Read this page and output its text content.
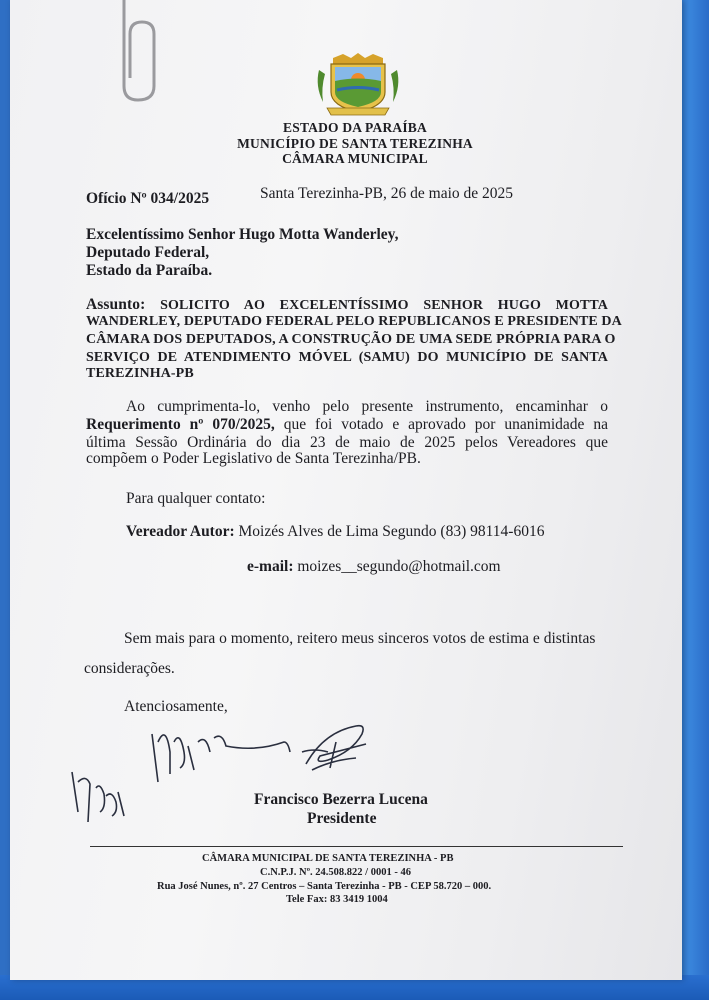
ESTADO DA PARAÍBA
MUNICÍPIO DE SANTA TEREZINHA
CÂMARA MUNICIPAL
Ofício Nº 034/2025	Santa Terezinha-PB, 26 de maio de 2025
Excelentíssimo Senhor Hugo Motta Wanderley,
Deputado Federal,
Estado da Paraíba.
Assunto: SOLICITO AO EXCELENTÍSSIMO SENHOR HUGO MOTTA
WANDERLEY, DEPUTADO FEDERAL PELO REPUBLICANOS E PRESIDENTE DA
CÂMARA DOS DEPUTADOS, A CONSTRUÇÃO DE UMA SEDE PRÓPRIA PARA O
SERVIÇO DE ATENDIMENTO MÓVEL (SAMU) DO MUNICÍPIO DE SANTA
TEREZINHA-PB
Ao cumprimenta-lo, venho pelo presente instrumento, encaminhar o
Requerimento nº 070/2025, que foi votado e aprovado por unanimidade na
última Sessão Ordinária do dia 23 de maio de 2025 pelos Vereadores que
compõem o Poder Legislativo de Santa Terezinha/PB.
Para qualquer contato:
Vereador Autor: Moizés Alves de Lima Segundo (83) 98114-6016
e-mail: moizes__segundo@hotmail.com
Sem mais para o momento, reitero meus sinceros votos de estima e distintas
considerações.
Atenciosamente,
Francisco Bezerra Lucena
Presidente
CÂMARA MUNICIPAL DE SANTA TEREZINHA - PB
C.N.P.J. Nº. 24.508.822 / 0001 - 46
Rua José Nunes, nº. 27 Centros – Santa Terezinha - PB - CEP 58.720 – 000.
Tele Fax: 83 3419 1004
